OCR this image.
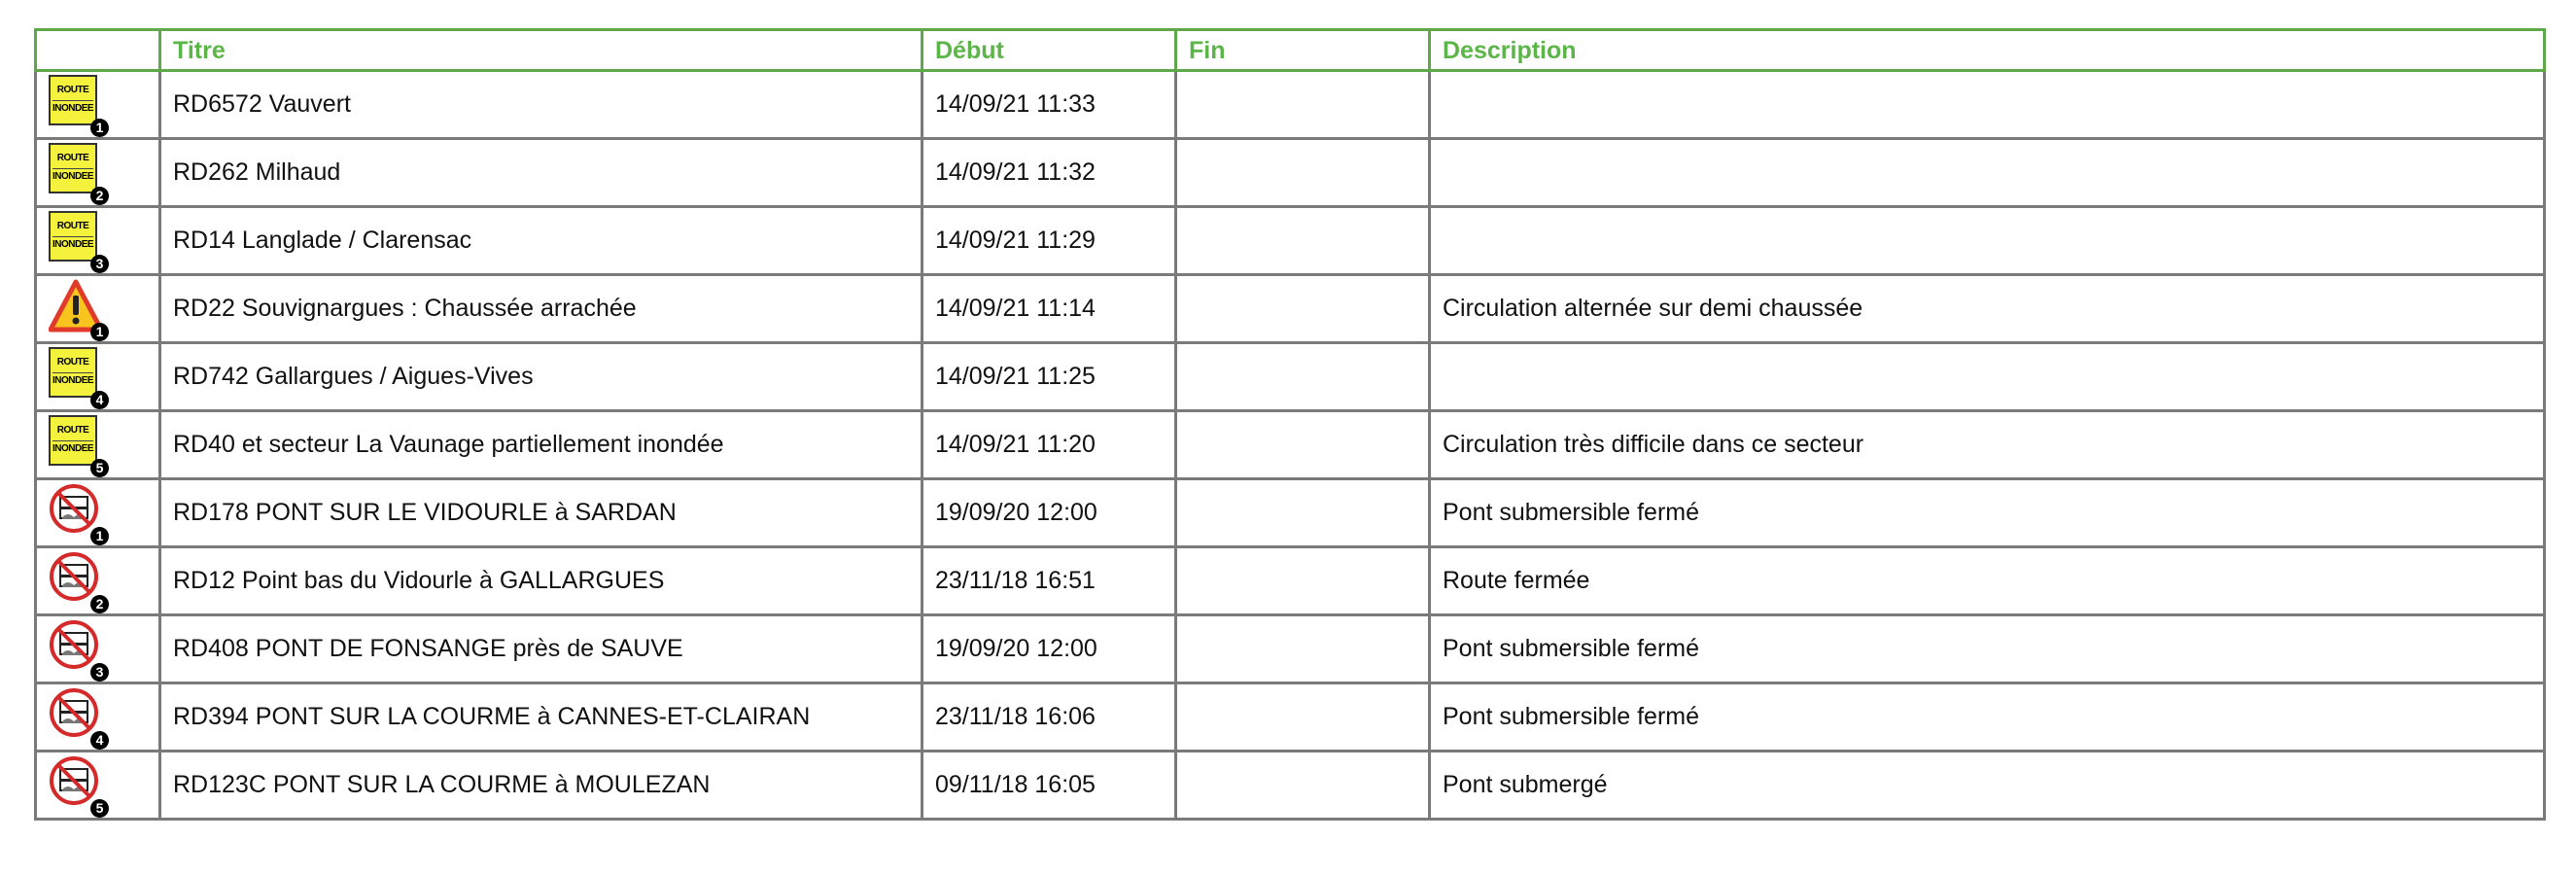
	Titre	Début	Fin	Description

ROUTE
INONDEE
1	RD6572 Vauvert	14/09/21 11:33		

ROUTE
INONDEE
2	RD262 Milhaud	14/09/21 11:32		

ROUTE
INONDEE
3	RD14 Langlade / Clarensac	14/09/21 11:29		

1	RD22 Souvignargues : Chaussée arrachée	14/09/21 11:14		Circulation alternée sur demi chaussée

ROUTE
INONDEE
4	RD742 Gallargues / Aigues-Vives	14/09/21 11:25		

ROUTE
INONDEE
5	RD40 et secteur La Vaunage partiellement inondée	14/09/21 11:20		Circulation très difficile dans ce secteur

1	RD178 PONT SUR LE VIDOURLE à SARDAN	19/09/20 12:00		Pont submersible fermé

2	RD12 Point bas du Vidourle à GALLARGUES	23/11/18 16:51		Route fermée

3	RD408 PONT DE FONSANGE près de SAUVE	19/09/20 12:00		Pont submersible fermé

4	RD394 PONT SUR LA COURME à CANNES-ET-CLAIRAN	23/11/18 16:06		Pont submersible fermé

5	RD123C PONT SUR LA COURME à MOULEZAN	09/11/18 16:05		Pont submergé
